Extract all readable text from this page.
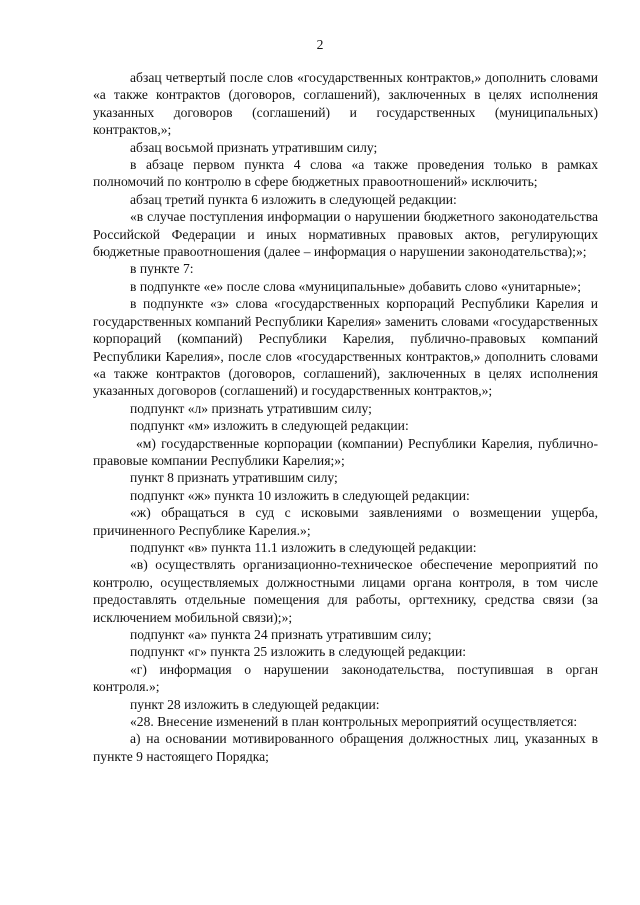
2

абзац четвертый после слов «государственных контрактов,» дополнить словами «а также контрактов (договоров, соглашений), заключенных в целях исполнения указанных договоров (соглашений) и государственных (муниципальных) контрактов,»;

абзац восьмой признать утратившим силу;

в абзаце первом пункта 4 слова «а также проведения только в рамках полномочий по контролю в сфере бюджетных правоотношений» исключить;

абзац третий пункта 6 изложить в следующей редакции:

«в случае поступления информации о нарушении бюджетного законодательства Российской Федерации и иных нормативных правовых актов, регулирующих бюджетные правоотношения (далее – информация о нарушении законодательства);»;

в пункте 7:

в подпункте «е» после слова «муниципальные» добавить слово «унитарные»;

в подпункте «з» слова «государственных корпораций Республики Карелия и государственных компаний Республики Карелия» заменить словами «государственных корпораций (компаний) Республики Карелия, публично-правовых компаний Республики Карелия», после слов «государственных контрактов,» дополнить словами «а также контрактов (договоров, соглашений), заключенных в целях исполнения указанных договоров (соглашений) и государственных контрактов,»;

подпункт «л» признать утратившим силу;

подпункт «м» изложить в следующей редакции:

«м) государственные корпорации (компании) Республики Карелия, публично-правовые компании Республики Карелия;»;

пункт 8 признать утратившим силу;

подпункт «ж» пункта 10 изложить в следующей редакции:

«ж) обращаться в суд с исковыми заявлениями о возмещении ущерба, причиненного Республике Карелия.»;

подпункт «в» пункта 11.1 изложить в следующей редакции:

«в) осуществлять организационно-техническое обеспечение мероприятий по контролю, осуществляемых должностными лицами органа контроля, в том числе предоставлять отдельные помещения для работы, оргтехнику, средства связи (за исключением мобильной связи);»;

подпункт «а» пункта 24 признать утратившим силу;

подпункт «г» пункта 25 изложить в следующей редакции:

«г) информация о нарушении законодательства, поступившая в орган контроля.»;

пункт 28 изложить в следующей редакции:

«28. Внесение изменений в план контрольных мероприятий осуществляется:

а) на основании мотивированного обращения должностных лиц, указанных в пункте 9 настоящего Порядка;
